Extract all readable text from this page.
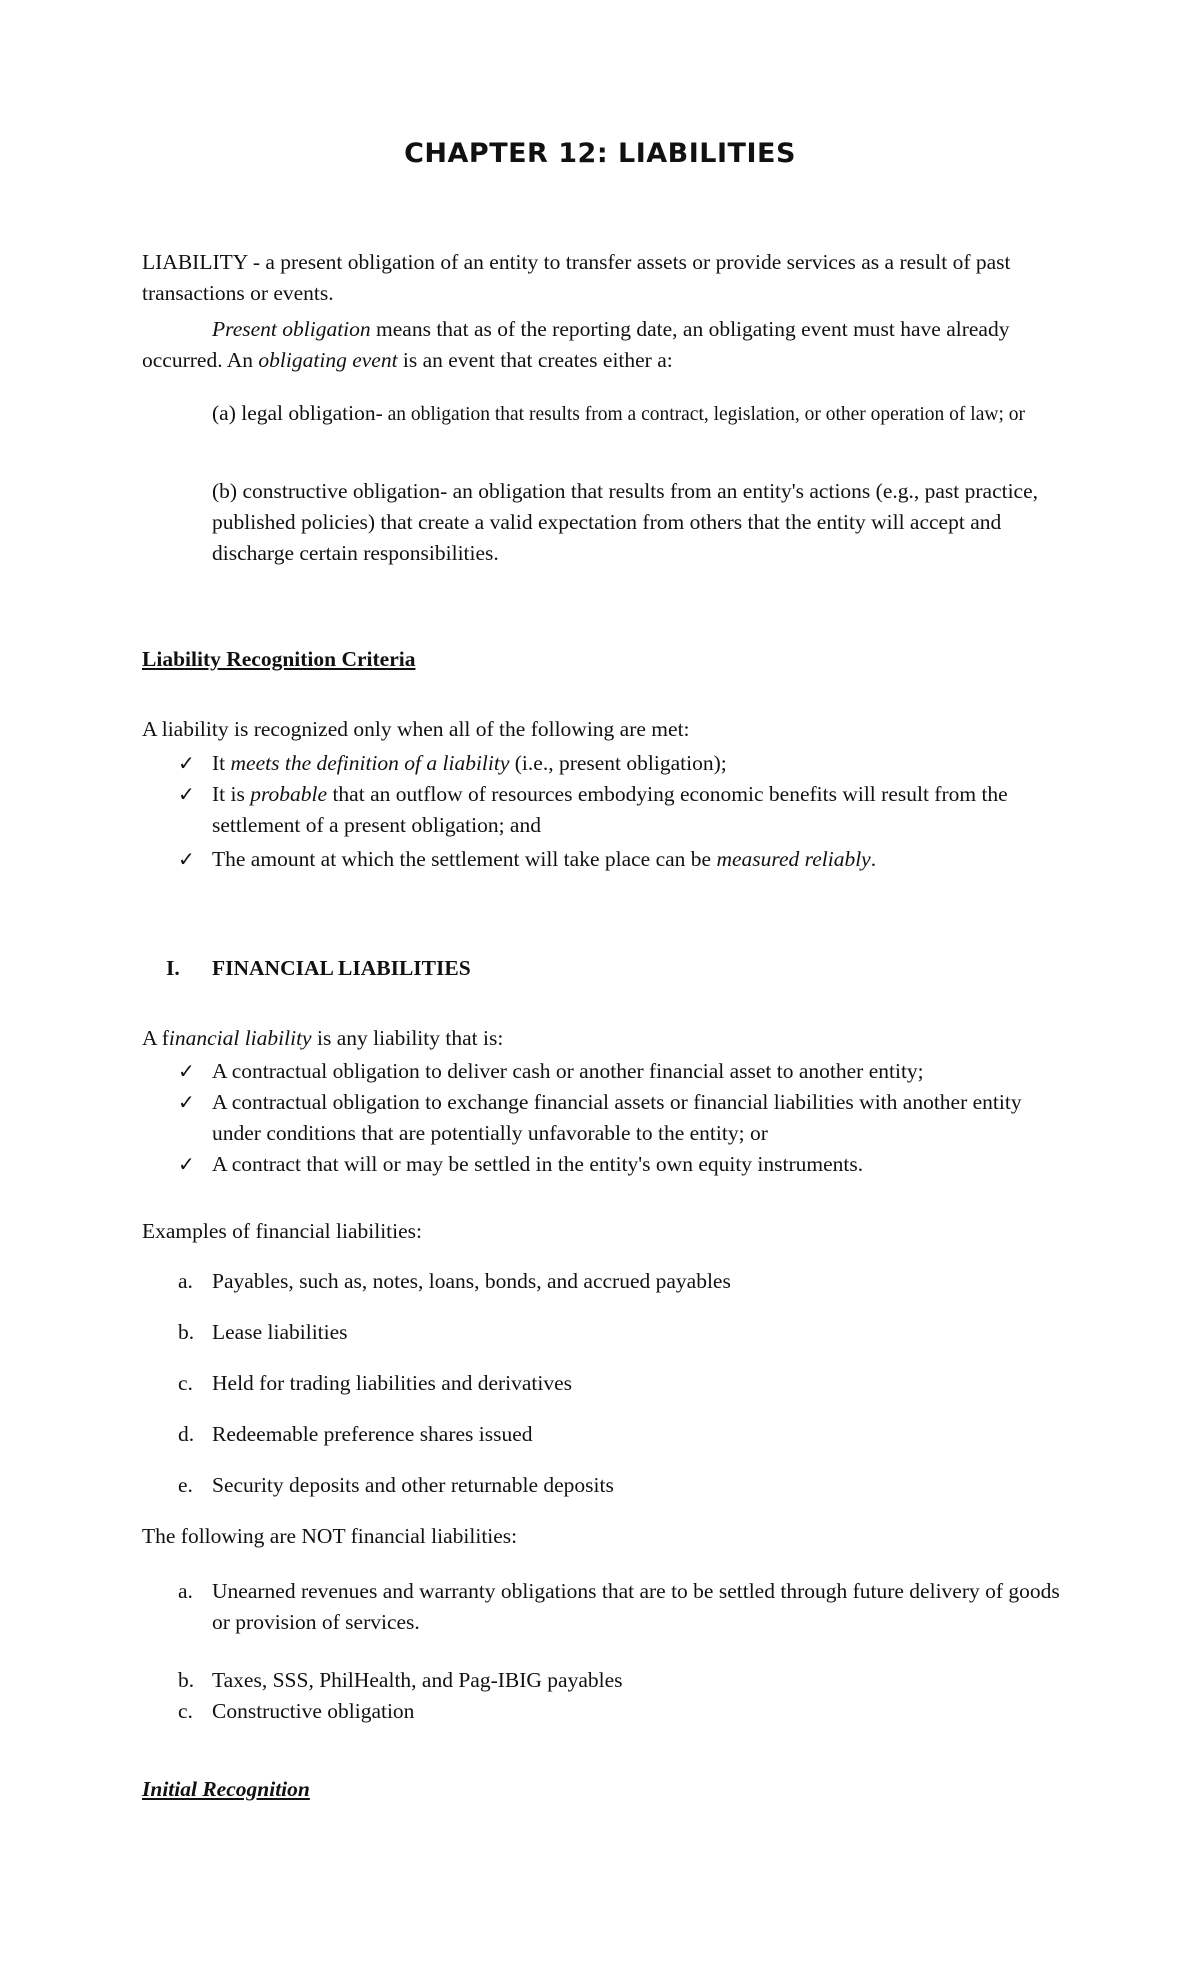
CHAPTER 12: LIABILITIES

LIABILITY - a present obligation of an entity to transfer assets or provide services as a result of past transactions or events.

Present obligation means that as of the reporting date, an obligating event must have already occurred. An obligating event is an event that creates either a:

(a) legal obligation- an obligation that results from a contract, legislation, or other operation of law; or

(b) constructive obligation- an obligation that results from an entity's actions (e.g., past practice, published policies) that create a valid expectation from others that the entity will accept and discharge certain responsibilities.

Liability Recognition Criteria
A liability is recognized only when all of the following are met:
✓ It meets the definition of a liability (i.e., present obligation);
✓ It is probable that an outflow of resources embodying economic benefits will result from the settlement of a present obligation; and
✓ The amount at which the settlement will take place can be measured reliably.
I. FINANCIAL LIABILITIES
A financial liability is any liability that is:
✓ A contractual obligation to deliver cash or another financial asset to another entity;
✓ A contractual obligation to exchange financial assets or financial liabilities with another entity under conditions that are potentially unfavorable to the entity; or
✓ A contract that will or may be settled in the entity's own equity instruments.
Examples of financial liabilities:
a. Payables, such as, notes, loans, bonds, and accrued payables
b. Lease liabilities
c. Held for trading liabilities and derivatives
d. Redeemable preference shares issued
e. Security deposits and other returnable deposits
The following are NOT financial liabilities:
a. Unearned revenues and warranty obligations that are to be settled through future delivery of goods or provision of services.
b. Taxes, SSS, PhilHealth, and Pag-IBIG payables
c. Constructive obligation
Initial Recognition
